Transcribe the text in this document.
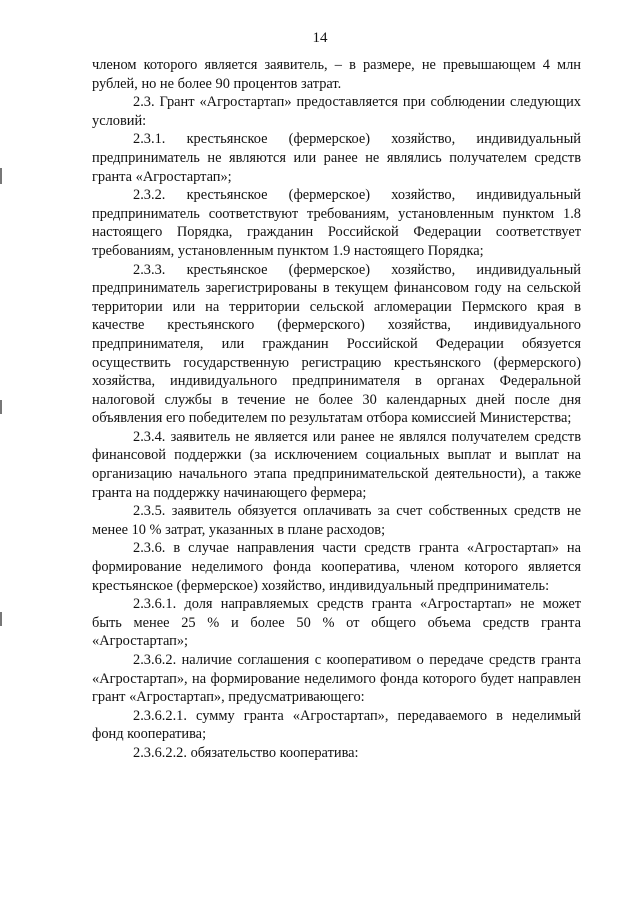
14

членом которого является заявитель, – в размере, не превышающем 4 млн рублей, но не более 90 процентов затрат.

2.3. Грант «Агростартап» предоставляется при соблюдении следующих условий:

2.3.1. крестьянское (фермерское) хозяйство, индивидуальный предприниматель не являются или ранее не являлись получателем средств гранта «Агростартап»;

2.3.2. крестьянское (фермерское) хозяйство, индивидуальный предприниматель соответствуют требованиям, установленным пунктом 1.8 настоящего Порядка, гражданин Российской Федерации соответствует требованиям, установленным пунктом 1.9 настоящего Порядка;

2.3.3. крестьянское (фермерское) хозяйство, индивидуальный предприниматель зарегистрированы в текущем финансовом году на сельской территории или на территории сельской агломерации Пермского края в качестве крестьянского (фермерского) хозяйства, индивидуального предпринимателя, или гражданин Российской Федерации обязуется осуществить государственную регистрацию крестьянского (фермерского) хозяйства, индивидуального предпринимателя в органах Федеральной налоговой службы в течение не более 30 календарных дней после дня объявления его победителем по результатам отбора комиссией Министерства;

2.3.4. заявитель не является или ранее не являлся получателем средств финансовой поддержки (за исключением социальных выплат и выплат на организацию начального этапа предпринимательской деятельности), а также гранта на поддержку начинающего фермера;

2.3.5. заявитель обязуется оплачивать за счет собственных средств не менее 10 % затрат, указанных в плане расходов;

2.3.6. в случае направления части средств гранта «Агростартап» на формирование неделимого фонда кооператива, членом которого является крестьянское (фермерское) хозяйство, индивидуальный предприниматель:

2.3.6.1. доля направляемых средств гранта «Агростартап» не может быть менее 25 % и более 50 % от общего объема средств гранта «Агростартап»;

2.3.6.2. наличие соглашения с кооперативом о передаче средств гранта «Агростартап», на формирование неделимого фонда которого будет направлен грант «Агростартап», предусматривающего:

2.3.6.2.1. сумму гранта «Агростартап», передаваемого в неделимый фонд кооператива;

2.3.6.2.2. обязательство кооператива:
